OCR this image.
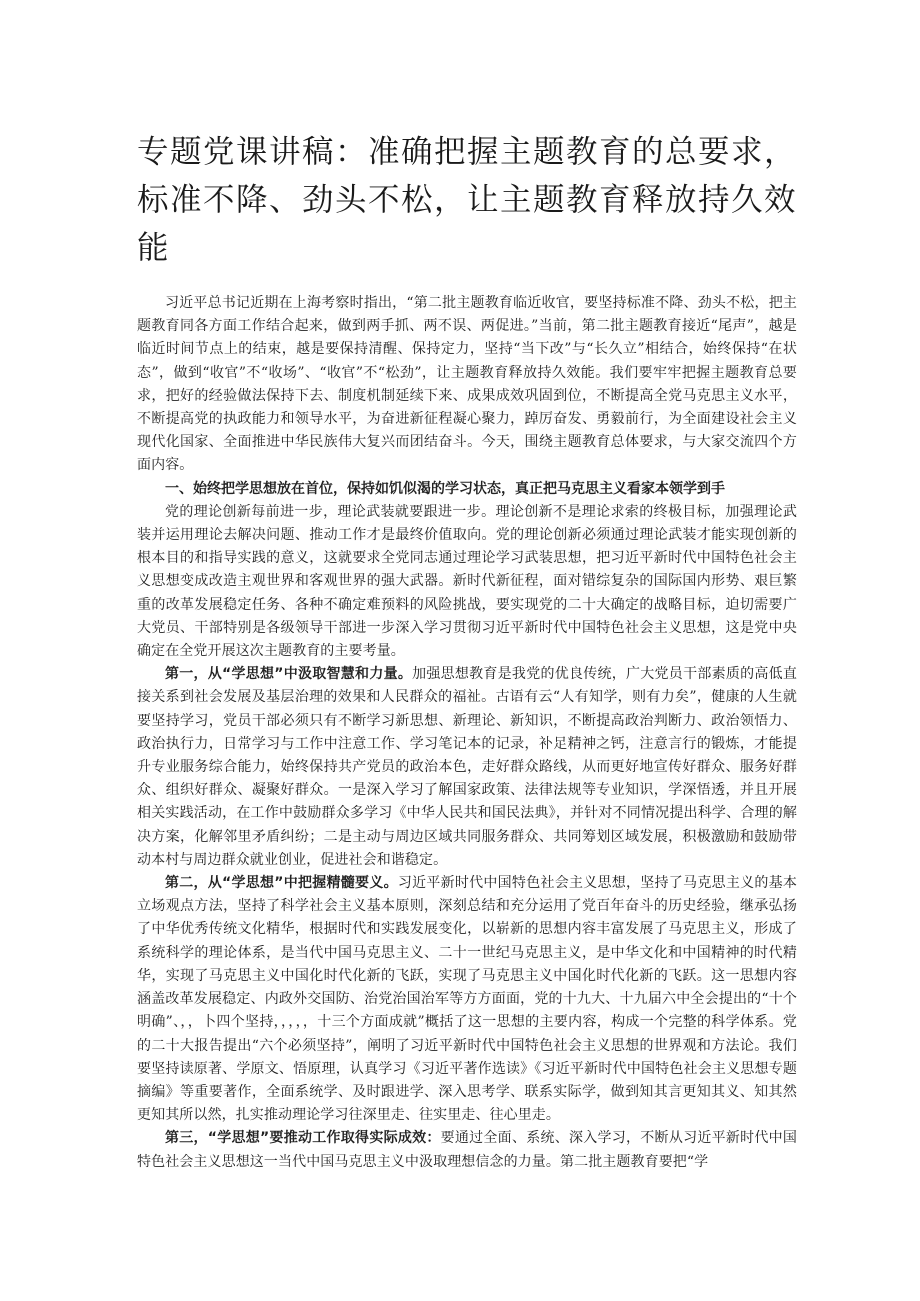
专题党课讲稿：准确把握主题教育的总要求，标准不降、劲头不松，让主题教育释放持久效能

习近平总书记近期在上海考察时指出，“第二批主题教育临近收官，要坚持标准不降、劲头不松，把主题教育同各方面工作结合起来，做到两手抓、两不误、两促进。”当前，第二批主题教育接近“尾声”，越是临近时间节点上的结束，越是要保持清醒、保持定力，坚持“当下改”与“长久立”相结合，始终保持“在状态”，做到“收官”不“收场”、“收官”不“松劲”，让主题教育释放持久效能。我们要牢牢把握主题教育总要求，把好的经验做法保持下去、制度机制延续下来、成果成效巩固到位，不断提高全党马克思主义水平，不断提高党的执政能力和领导水平，为奋进新征程凝心聚力，踔厉奋发、勇毅前行，为全面建设社会主义现代化国家、全面推进中华民族伟大复兴而团结奋斗。今天，围绕主题教育总体要求，与大家交流四个方面内容。

一、始终把学思想放在首位，保持如饥似渴的学习状态，真正把马克思主义看家本领学到手

党的理论创新每前进一步，理论武装就要跟进一步。理论创新不是理论求索的终极目标，加强理论武装并运用理论去解决问题、推动工作才是最终价值取向。党的理论创新必须通过理论武装才能实现创新的根本目的和指导实践的意义，这就要求全党同志通过理论学习武装思想，把习近平新时代中国特色社会主义思想变成改造主观世界和客观世界的强大武器。新时代新征程，面对错综复杂的国际国内形势、艰巨繁重的改革发展稳定任务、各种不确定难预料的风险挑战，要实现党的二十大确定的战略目标，迫切需要广大党员、干部特别是各级领导干部进一步深入学习贯彻习近平新时代中国特色社会主义思想，这是党中央确定在全党开展这次主题教育的主要考量。

第一，从“学思想”中汲取智慧和力量。加强思想教育是我党的优良传统，广大党员干部素质的高低直接关系到社会发展及基层治理的效果和人民群众的福祉。古语有云“人有知学，则有力矣”，健康的人生就要坚持学习，党员干部必须只有不断学习新思想、新理论、新知识，不断提高政治判断力、政治领悟力、政治执行力，日常学习与工作中注意工作、学习笔记本的记录，补足精神之钙，注意言行的锻炼，才能提升专业服务综合能力，始终保持共产党员的政治本色，走好群众路线，从而更好地宣传好群众、服务好群众、组织好群众、凝聚好群众。一是深入学习了解国家政策、法律法规等专业知识，学深悟透，并且开展相关实践活动，在工作中鼓励群众多学习《中华人民共和国民法典》，并针对不同情况提出科学、合理的解决方案，化解邻里矛盾纠纷；二是主动与周边区域共同服务群众、共同筹划区域发展，积极激励和鼓励带动本村与周边群众就业创业，促进社会和谐稳定。

第二，从“学思想”中把握精髓要义。习近平新时代中国特色社会主义思想，坚持了马克思主义的基本立场观点方法，坚持了科学社会主义基本原则，深刻总结和充分运用了党百年奋斗的历史经验，继承弘扬了中华优秀传统文化精华，根据时代和实践发展变化，以崭新的思想内容丰富发展了马克思主义，形成了系统科学的理论体系，是当代中国马克思主义、二十一世纪马克思主义，是中华文化和中国精神的时代精华，实现了马克思主义中国化时代化新的飞跃，实现了马克思主义中国化时代化新的飞跃。这一思想内容涵盖改革发展稳定、内政外交国防、治党治国治军等方方面面，党的十九大、十九届六中全会提出的“十个明确”、，，卜四个坚持，，，，，十三个方面成就”概括了这一思想的主要内容，构成一个完整的科学体系。党的二十大报告提出“六个必须坚持”，阐明了习近平新时代中国特色社会主义思想的世界观和方法论。我们要坚持读原著、学原文、悟原理，认真学习《习近平著作选读》《习近平新时代中国特色社会主义思想专题摘编》等重要著作，全面系统学、及时跟进学、深入思考学、联系实际学，做到知其言更知其义、知其然更知其所以然，扎实推动理论学习往深里走、往实里走、往心里走。

第三，“学思想”要推动工作取得实际成效：要通过全面、系统、深入学习，不断从习近平新时代中国特色社会主义思想这一当代中国马克思主义中汲取理想信念的力量。第二批主题教育要把“学
